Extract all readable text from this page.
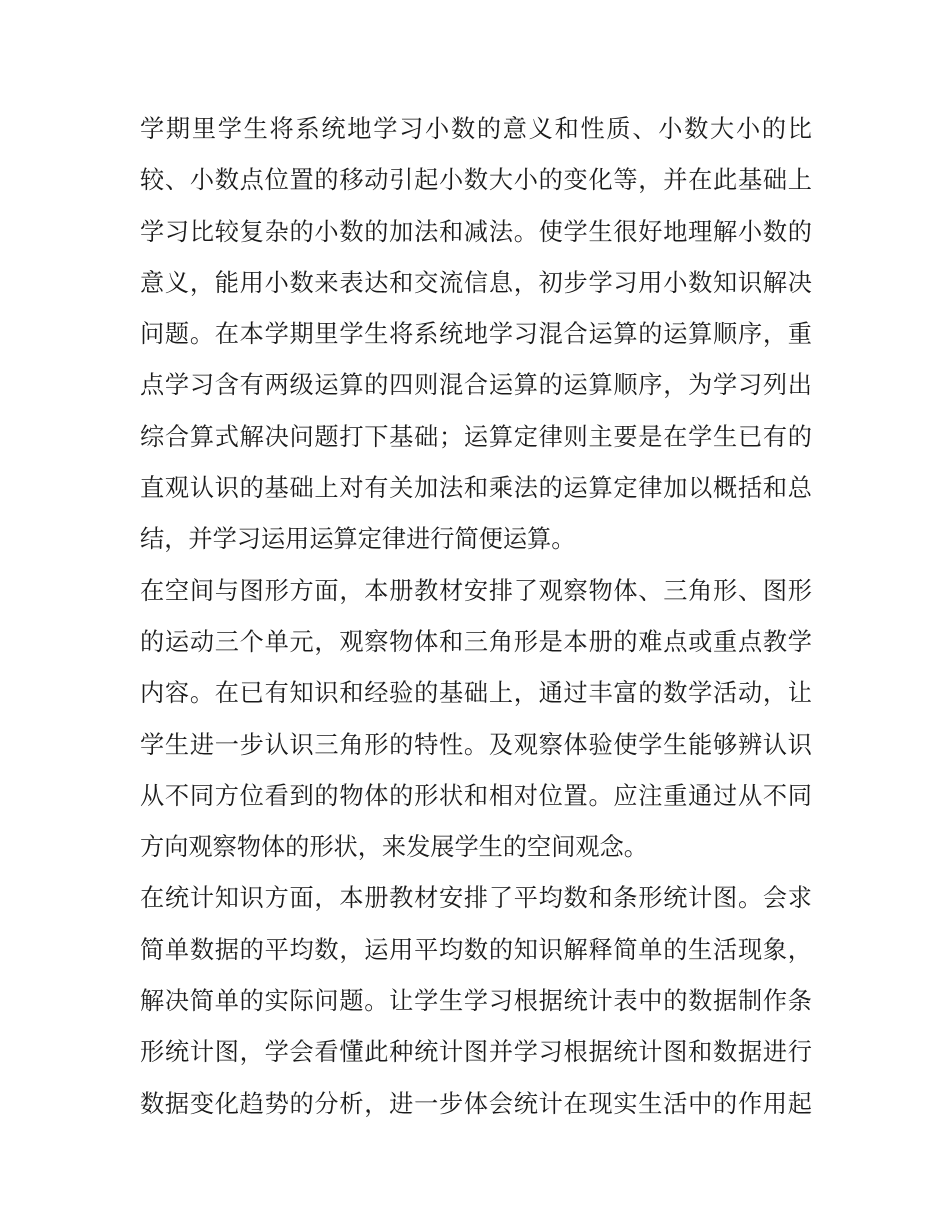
学期里学生将系统地学习小数的意义和性质、小数大小的比
较、小数点位置的移动引起小数大小的变化等，并在此基础上
学习比较复杂的小数的加法和减法。使学生很好地理解小数的
意义，能用小数来表达和交流信息，初步学习用小数知识解决
问题。在本学期里学生将系统地学习混合运算的运算顺序，重
点学习含有两级运算的四则混合运算的运算顺序，为学习列出
综合算式解决问题打下基础；运算定律则主要是在学生已有的
直观认识的基础上对有关加法和乘法的运算定律加以概括和总
结，并学习运用运算定律进行简便运算。
在空间与图形方面，本册教材安排了观察物体、三角形、图形
的运动三个单元，观察物体和三角形是本册的难点或重点教学
内容。在已有知识和经验的基础上，通过丰富的数学活动，让
学生进一步认识三角形的特性。及观察体验使学生能够辨认识
从不同方位看到的物体的形状和相对位置。应注重通过从不同
方向观察物体的形状，来发展学生的空间观念。
在统计知识方面，本册教材安排了平均数和条形统计图。会求
简单数据的平均数，运用平均数的知识解释简单的生活现象，
解决简单的实际问题。让学生学习根据统计表中的数据制作条
形统计图，学会看懂此种统计图并学习根据统计图和数据进行
数据变化趋势的分析，进一步体会统计在现实生活中的作用起
